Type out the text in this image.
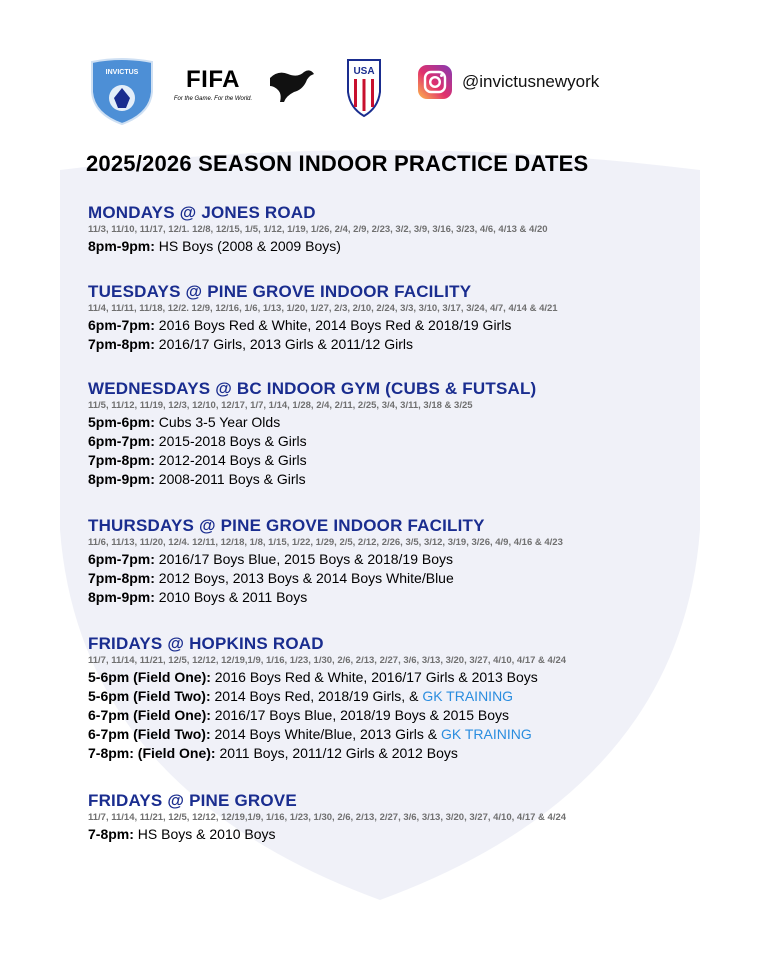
INVICTUS	FIFA
For the Game. For the World.
USA
@invictusnewyork
2025/2026 SEASON INDOOR PRACTICE DATES
MONDAYS @ JONES ROAD
11/3, 11/10, 11/17, 12/1. 12/8, 12/15, 1/5, 1/12, 1/19, 1/26, 2/4, 2/9, 2/23, 3/2, 3/9, 3/16, 3/23, 4/6, 4/13 & 4/20
8pm-9pm: HS Boys (2008 & 2009 Boys)
TUESDAYS @ PINE GROVE INDOOR FACILITY
11/4, 11/11, 11/18, 12/2. 12/9, 12/16, 1/6, 1/13, 1/20, 1/27, 2/3, 2/10, 2/24, 3/3, 3/10, 3/17, 3/24, 4/7, 4/14 & 4/21
6pm-7pm: 2016 Boys Red & White, 2014 Boys Red & 2018/19 Girls
7pm-8pm: 2016/17 Girls, 2013 Girls & 2011/12 Girls
WEDNESDAYS @ BC INDOOR GYM (CUBS & FUTSAL)
11/5, 11/12, 11/19, 12/3, 12/10, 12/17, 1/7, 1/14, 1/28, 2/4, 2/11, 2/25, 3/4, 3/11, 3/18 & 3/25
5pm-6pm: Cubs 3-5 Year Olds
6pm-7pm: 2015-2018 Boys & Girls
7pm-8pm: 2012-2014 Boys & Girls
8pm-9pm: 2008-2011 Boys & Girls
THURSDAYS @ PINE GROVE INDOOR FACILITY
11/6, 11/13, 11/20, 12/4. 12/11, 12/18, 1/8, 1/15, 1/22, 1/29, 2/5, 2/12, 2/26, 3/5, 3/12, 3/19, 3/26, 4/9, 4/16 & 4/23
6pm-7pm: 2016/17 Boys Blue, 2015 Boys & 2018/19 Boys
7pm-8pm: 2012 Boys, 2013 Boys & 2014 Boys White/Blue
8pm-9pm: 2010 Boys & 2011 Boys
FRIDAYS @ HOPKINS ROAD
11/7, 11/14, 11/21, 12/5, 12/12, 12/19,1/9, 1/16, 1/23, 1/30, 2/6, 2/13, 2/27, 3/6, 3/13, 3/20, 3/27, 4/10, 4/17 & 4/24
5-6pm (Field One): 2016 Boys Red & White, 2016/17 Girls & 2013 Boys
5-6pm (Field Two): 2014 Boys Red, 2018/19 Girls, & GK TRAINING
6-7pm (Field One): 2016/17 Boys Blue, 2018/19 Boys & 2015 Boys
6-7pm (Field Two): 2014 Boys White/Blue, 2013 Girls & GK TRAINING
7-8pm: (Field One): 2011 Boys, 2011/12 Girls & 2012 Boys
FRIDAYS @ PINE GROVE
11/7, 11/14, 11/21, 12/5, 12/12, 12/19,1/9, 1/16, 1/23, 1/30, 2/6, 2/13, 2/27, 3/6, 3/13, 3/20, 3/27, 4/10, 4/17 & 4/24
7-8pm: HS Boys & 2010 Boys
